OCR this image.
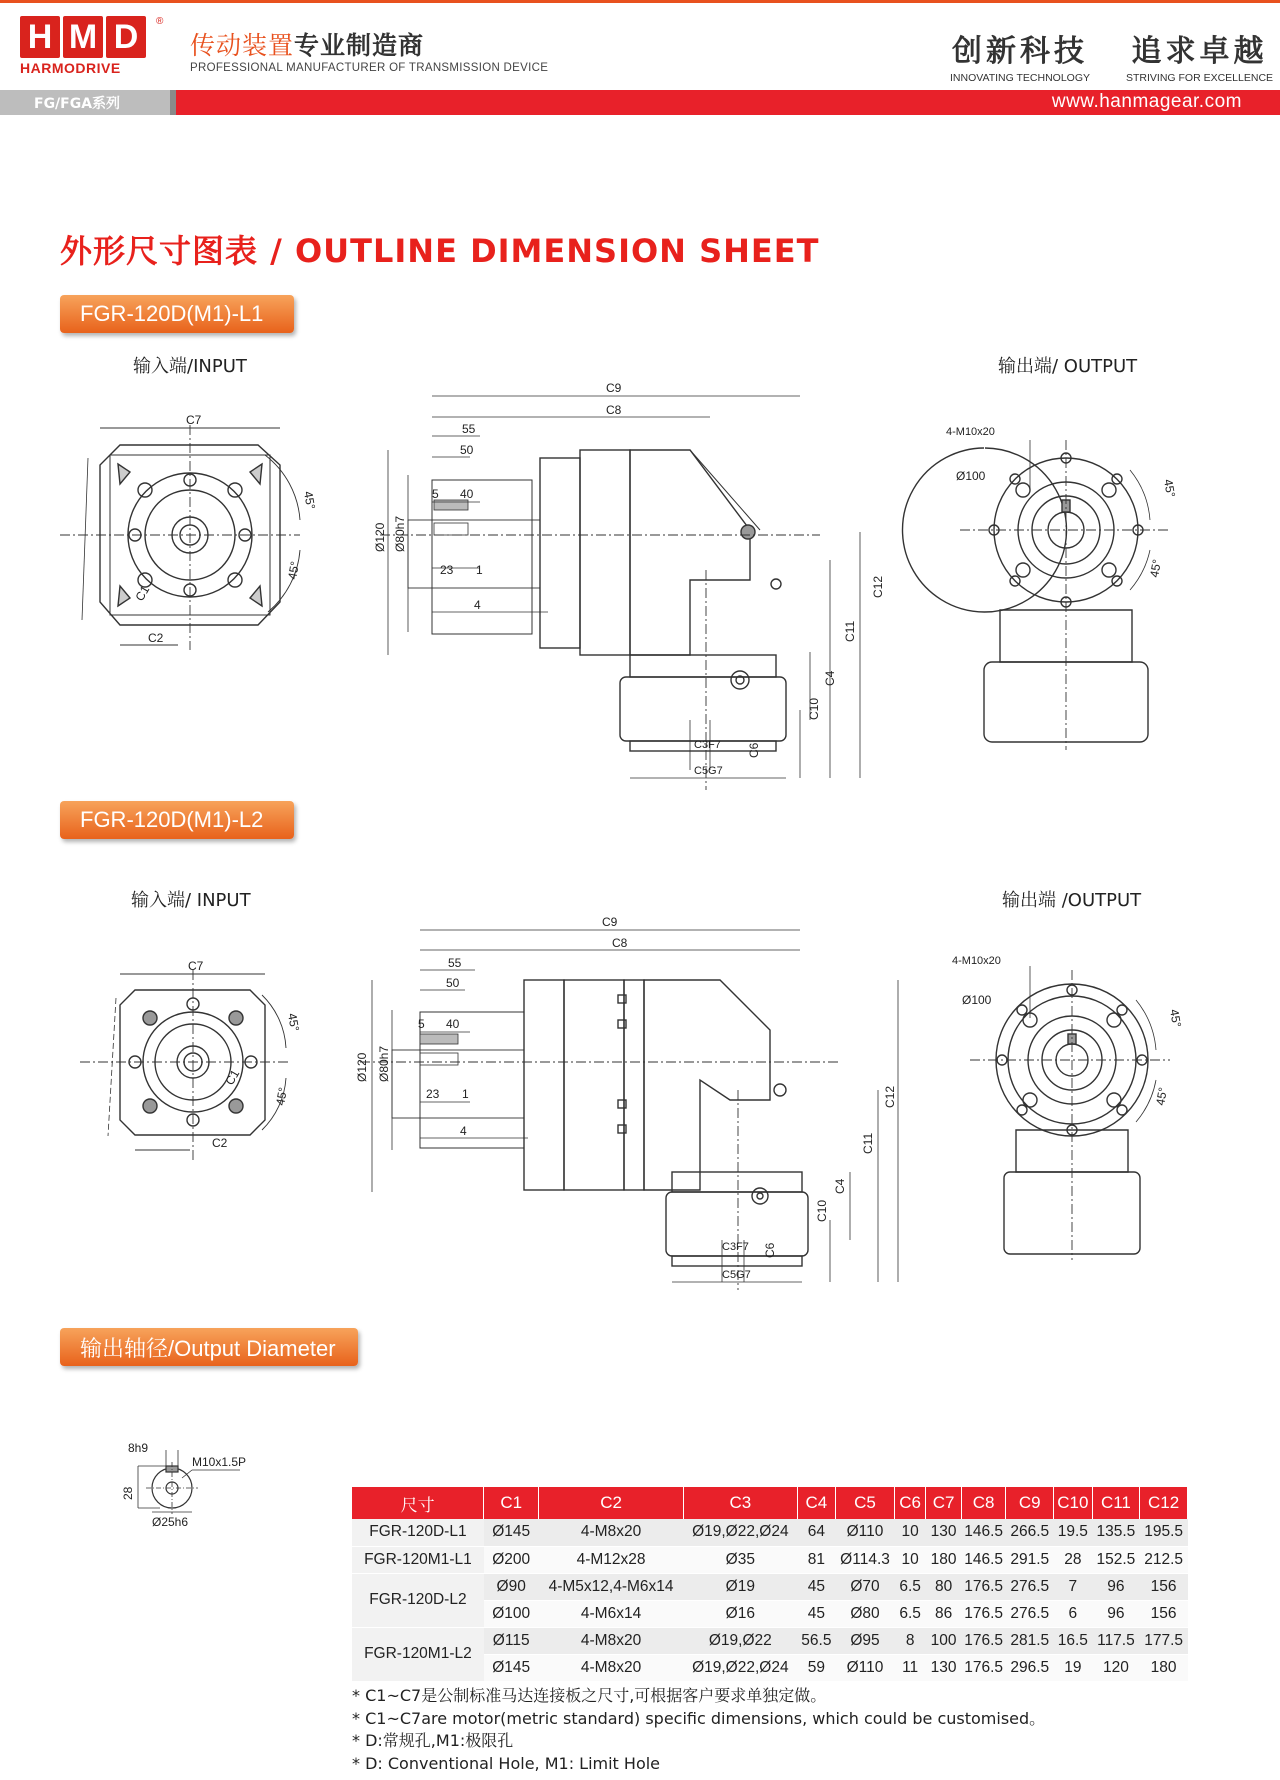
H M D
HARMODRIVE
®
传动装置专业制造商
PROFESSIONAL MANUFACTURER OF TRANSMISSION DEVICE	创新科技
INNOVATING TECHNOLOGY
追求卓越
STRIVING FOR EXCELLENCE
FG/FGA系列	www.hanmagear.com
外形尺寸图表 / OUTLINE DIMENSION SHEET
FGR-120D(M1)-L1
输入端/INPUT	输出端/ OUTPUT
C7
C2
C1
45°
45°
C9
C8
55
50
5 40
23 1
4
Ø120 Ø80h7
C12
C11
C4
C10
C3F7 C6
C5G7
4-M10x20
Ø100
45°
45°
FGR-120D(M1)-L2
输入端/ INPUT	输出端 /OUTPUT
C7
C2
C1
45°
45°
C9
C8
55
50
5 40
23 1
4
Ø120 Ø80h7
C12
C11
C4
C10
C3F7 C6
C5G7
4-M10x20
Ø100
45°
45°
输出轴径/Output Diameter
8h9
28
M10x1.5P
Ø25h6
尺寸	C1	C2	C3	C4	C5	C6	C7	C8	C9	C10	C11	C12
FGR-120D-L1	Ø145	4-M8x20	Ø19,Ø22,Ø24	64	Ø110	10	130	146.5	266.5	19.5	135.5	195.5
FGR-120M1-L1	Ø200	4-M12x28	Ø35	81	Ø114.3	10	180	146.5	291.5	28	152.5	212.5
FGR-120D-L2	Ø90	4-M5x12,4-M6x14	Ø19	45	Ø70	6.5	80	176.5	276.5	7	96	156
	Ø100	4-M6x14	Ø16	45	Ø80	6.5	86	176.5	276.5	6	96	156
FGR-120M1-L2	Ø115	4-M8x20	Ø19,Ø22	56.5	Ø95	8	100	176.5	281.5	16.5	117.5	177.5
	Ø145	4-M8x20	Ø19,Ø22,Ø24	59	Ø110	11	130	176.5	296.5	19	120	180
* C1~C7是公制标准马达连接板之尺寸,可根据客户要求单独定做。
* C1~C7are motor(metric standard) specific dimensions, which could be customised。
* D:常规孔,M1:极限孔
* D: Conventional Hole, M1: Limit Hole
